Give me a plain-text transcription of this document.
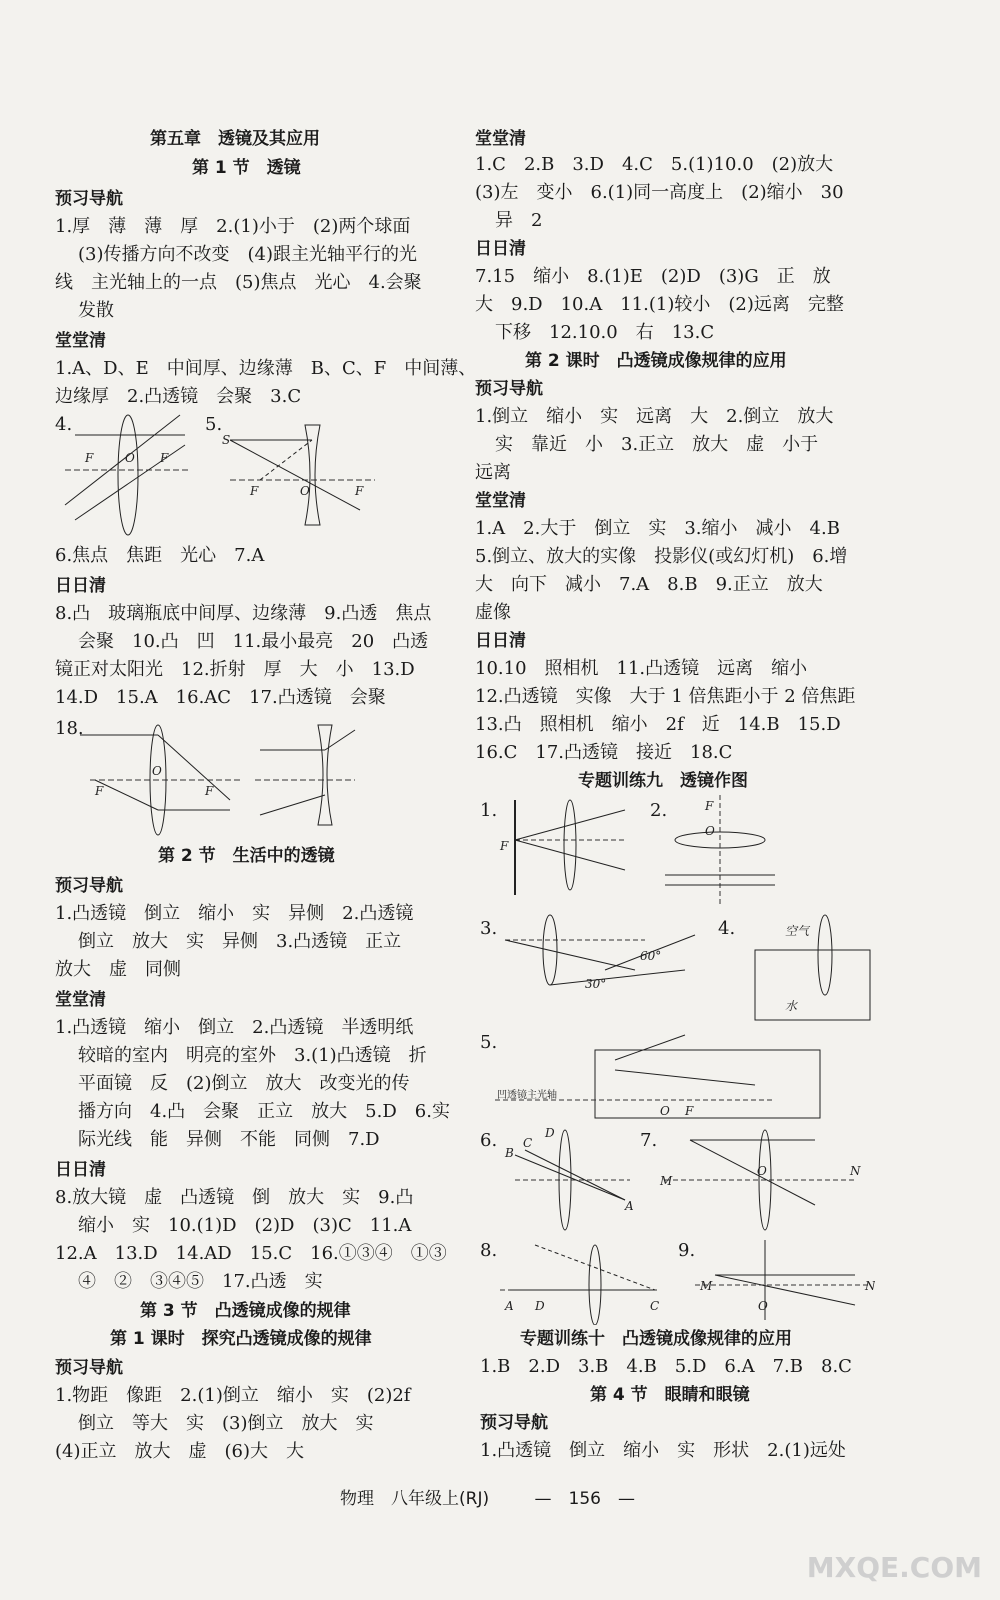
第五章　透镜及其应用
第 1 节　透镜
预习导航
1.厚　薄　薄　厚　2.(1)小于　(2)两个球面
(3)传播方向不改变　(4)跟主光轴平行的光
线　主光轴上的一点　(5)焦点　光心　4.会聚
发散
堂堂清
1.A、D、E　中间厚、边缘薄　B、C、F　中间薄、
边缘厚　2.凸透镜　会聚　3.C
4.	5.
6.焦点　焦距　光心　7.A
日日清
8.凸　玻璃瓶底中间厚、边缘薄　9.凸透　焦点
会聚　10.凸　凹　11.最小最亮　20　凸透
镜正对太阳光　12.折射　厚　大　小　13.D
14.D　15.A　16.AC　17.凸透镜　会聚
18.
第 2 节　生活中的透镜
预习导航
1.凸透镜　倒立　缩小　实　异侧　2.凸透镜
倒立　放大　实　异侧　3.凸透镜　正立
放大　虚　同侧
堂堂清
1.凸透镜　缩小　倒立　2.凸透镜　半透明纸
较暗的室内　明亮的室外　3.(1)凸透镜　折
平面镜　反　(2)倒立　放大　改变光的传
播方向　4.凸　会聚　正立　放大　5.D　6.实
际光线　能　异侧　不能　同侧　7.D
日日清
8.放大镜　虚　凸透镜　倒　放大　实　9.凸
缩小　实　10.(1)D　(2)D　(3)C　11.A
12.A　13.D　14.AD　15.C　16.①③④　①③
④　②　③④⑤　17.凸透　实
第 3 节　凸透镜成像的规律
第 1 课时　探究凸透镜成像的规律
预习导航
1.物距　像距　2.(1)倒立　缩小　实　(2)2f
倒立　等大　实　(3)倒立　放大　实
(4)正立　放大　虚　(6)大　大
堂堂清
1.C　2.B　3.D　4.C　5.(1)10.0　(2)放大
(3)左　变小　6.(1)同一高度上　(2)缩小　30
异　2
日日清
7.15　缩小　8.(1)E　(2)D　(3)G　正　放
大　9.D　10.A　11.(1)较小　(2)远离　完整
下移　12.10.0　右　13.C
第 2 课时　凸透镜成像规律的应用
预习导航
1.倒立　缩小　实　远离　大　2.倒立　放大
实　靠近　小　3.正立　放大　虚　小于
远离
堂堂清
1.A　2.大于　倒立　实　3.缩小　减小　4.B
5.倒立、放大的实像　投影仪(或幻灯机)　6.增
大　向下　减小　7.A　8.B　9.正立　放大
虚像
日日清
10.10　照相机　11.凸透镜　远离　缩小
12.凸透镜　实像　大于 1 倍焦距小于 2 倍焦距
13.凸　照相机　缩小　2f　近　14.B　15.D
16.C　17.凸透镜　接近　18.C
专题训练九　透镜作图
1.	2.
3.	4.
5.
6.	7.
8.	9.
专题训练十　凸透镜成像规律的应用
1.B　2.D　3.B　4.B　5.D　6.A　7.B　8.C
第 4 节　眼睛和眼镜
预习导航
1.凸透镜　倒立　缩小　实　形状　2.(1)远处
F	O F
S
F	O	F
F
O
F
F
F
O
30°
60°
水
空气
凹透镜主光轴
O F
B
C
D
A
M
N
O
A D	C
M	N
O
物理　八年级上(RJ)	—　156　—
MXQE.COM
